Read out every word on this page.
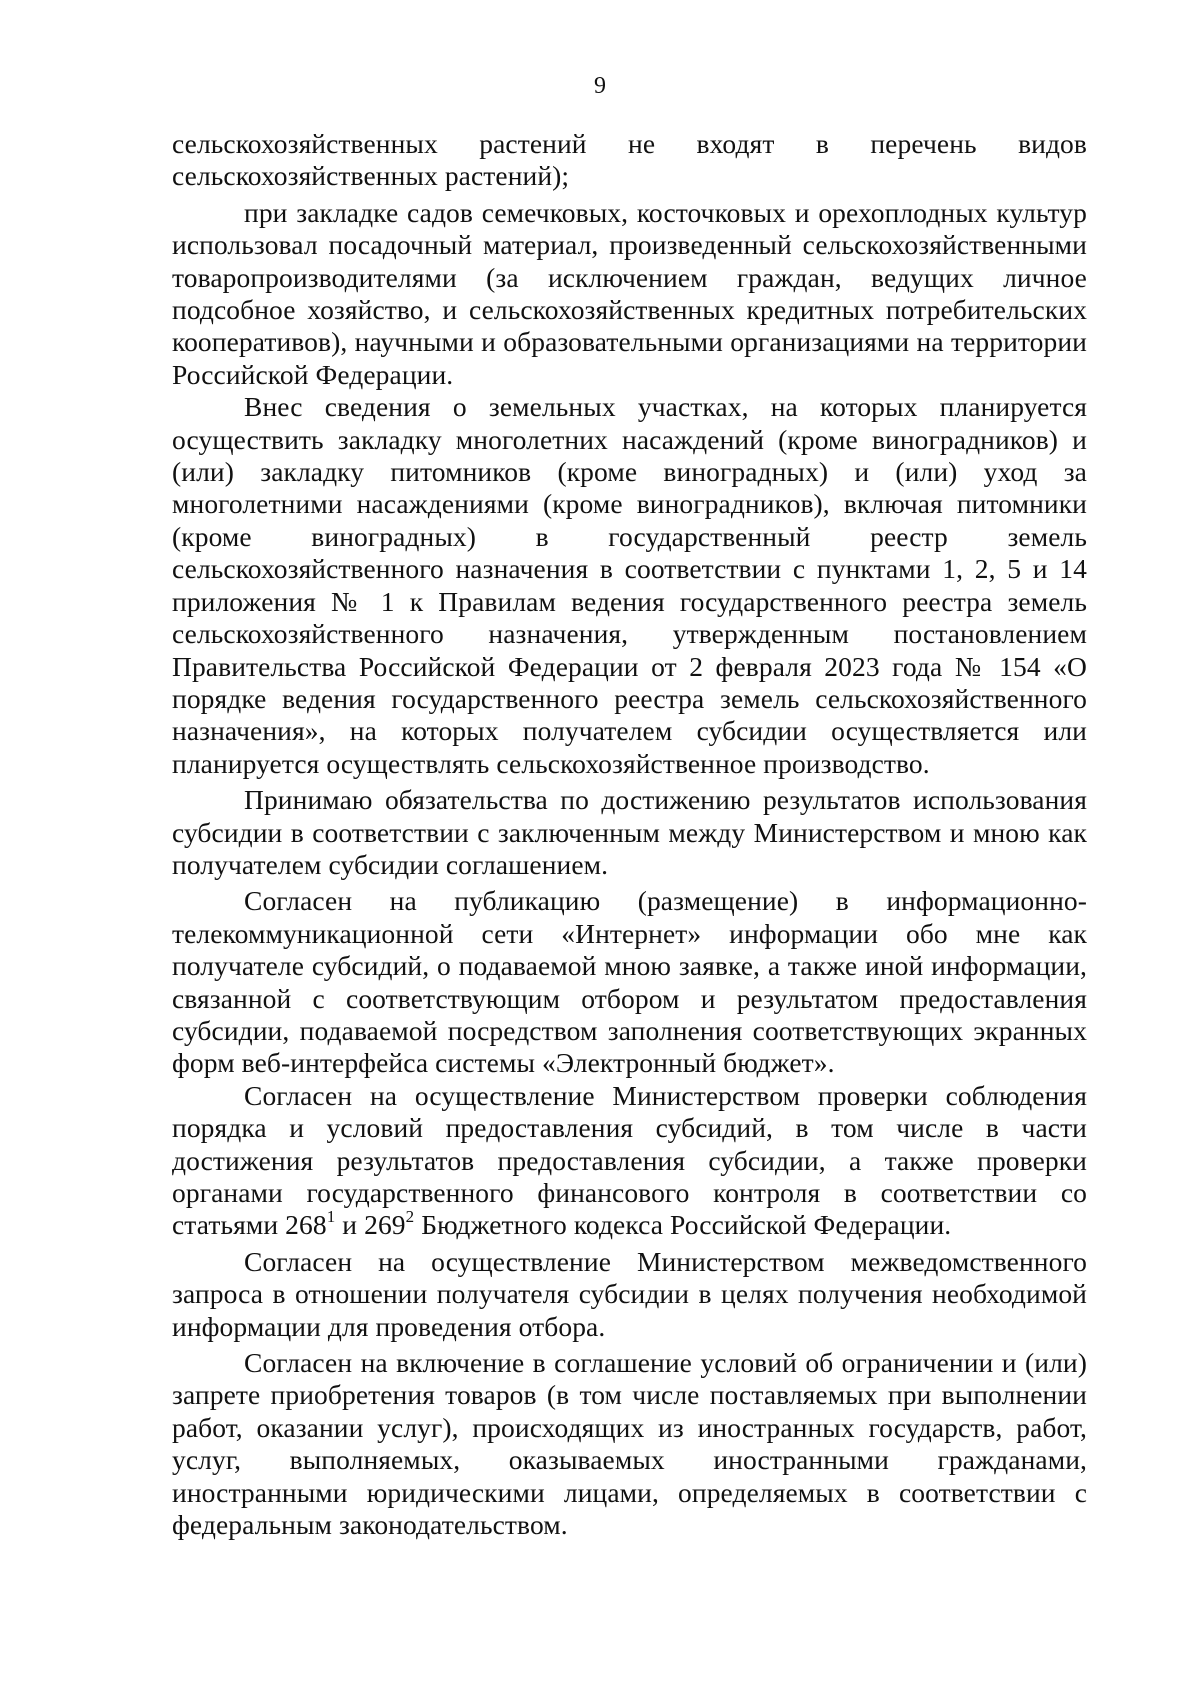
9

сельскохозяйственных растений не входят в перечень видов сельскохозяйственных растений);

при закладке садов семечковых, косточковых и орехоплодных культур использовал посадочный материал, произведенный сельскохозяйственными товаропроизводителями (за исключением граждан, ведущих личное подсобное хозяйство, и сельскохозяйственных кредитных потребительских кооперативов), научными и образовательными организациями на территории Российской Федерации.

Внес сведения о земельных участках, на которых планируется осуществить закладку многолетних насаждений (кроме виноградников) и (или) закладку питомников (кроме виноградных) и (или) уход за многолетними насаждениями (кроме виноградников), включая питомники (кроме виноградных) в государственный реестр земель сельскохозяйственного назначения в соответствии с пунктами 1, 2, 5 и 14 приложения № 1 к Правилам ведения государственного реестра земель сельскохозяйственного назначения, утвержденным постановлением Правительства Российской Федерации от 2 февраля 2023 года № 154 «О порядке ведения государственного реестра земель сельскохозяйственного назначения», на которых получателем субсидии осуществляется или планируется осуществлять сельскохозяйственное производство.

Принимаю обязательства по достижению результатов использования субсидии в соответствии с заключенным между Министерством и мною как получателем субсидии соглашением.

Согласен на публикацию (размещение) в информационно-телекоммуникационной сети «Интернет» информации обо мне как получателе субсидий, о подаваемой мною заявке, а также иной информации, связанной с соответствующим отбором и результатом предоставления субсидии, подаваемой посредством заполнения соответствующих экранных форм веб-интерфейса системы «Электронный бюджет».

Согласен на осуществление Министерством проверки соблюдения порядка и условий предоставления субсидий, в том числе в части достижения результатов предоставления субсидии, а также проверки органами государственного финансового контроля в соответствии со статьями $268^1$ и $269^2$ Бюджетного кодекса Российской Федерации.

Согласен на осуществление Министерством межведомственного запроса в отношении получателя субсидии в целях получения необходимой информации для проведения отбора.

Согласен на включение в соглашение условий об ограничении и (или) запрете приобретения товаров (в том числе поставляемых при выполнении работ, оказании услуг), происходящих из иностранных государств, работ, услуг, выполняемых, оказываемых иностранными гражданами, иностранными юридическими лицами, определяемых в соответствии с федеральным законодательством.
